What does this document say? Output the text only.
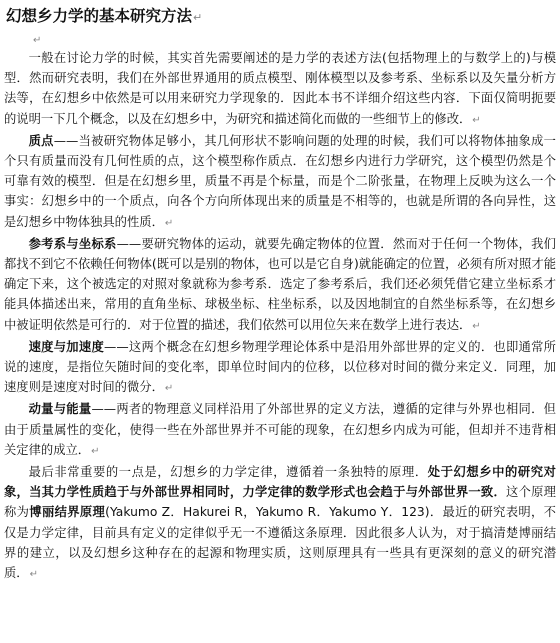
幻想乡力学的基本研究方法↵
↵

一般在讨论力学的时候，其实首先需要阐述的是力学的表述方法(包括物理上的与数学上的)与模型．然而研究表明，我们在外部世界通用的质点模型、刚体模型以及参考系、坐标系以及矢量分析方法等，在幻想乡中依然是可以用来研究力学现象的．因此本书不详细介绍这些内容．下面仅简明扼要的说明一下几个概念，以及在幻想乡中，为研究和描述简化而做的一些细节上的修改．↵

质点——当被研究物体足够小，其几何形状不影响问题的处理的时候，我们可以将物体抽象成一个只有质量而没有几何性质的点，这个模型称作质点．在幻想乡内进行力学研究，这个模型仍然是个可靠有效的模型．但是在幻想乡里，质量不再是个标量，而是个二阶张量，在物理上反映为这么一个事实：幻想乡中的一个质点，向各个方向所体现出来的质量是不相等的，也就是所谓的各向异性，这是幻想乡中物体独具的性质．↵

参考系与坐标系——要研究物体的运动，就要先确定物体的位置．然而对于任何一个物体，我们都找不到它不依赖任何物体(既可以是别的物体，也可以是它自身)就能确定的位置，必须有所对照才能确定下来，这个被选定的对照对象就称为参考系．选定了参考系后，我们还必须凭借它建立坐标系才能具体描述出来，常用的直角坐标、球极坐标、柱坐标系，以及因地制宜的自然坐标系等，在幻想乡中被证明依然是可行的．对于位置的描述，我们依然可以用位矢来在数学上进行表达．↵

速度与加速度——这两个概念在幻想乡物理学理论体系中是沿用外部世界的定义的．也即通常所说的速度，是指位矢随时间的变化率，即单位时间内的位移，以位移对时间的微分来定义．同理，加速度则是速度对时间的微分．↵

动量与能量——两者的物理意义同样沿用了外部世界的定义方法，遵循的定律与外界也相同．但由于质量属性的变化，使得一些在外部世界并不可能的现象，在幻想乡内成为可能，但却并不违背相关定律的成立．↵

最后非常重要的一点是，幻想乡的力学定律，遵循着一条独特的原理．处于幻想乡中的研究对象，当其力学性质趋于与外部世界相同时，力学定律的数学形式也会趋于与外部世界一致．这个原理称为博丽结界原理(Yakumo Z．Hakurei R，Yakumo R．Yakumo Y．123)．最近的研究表明，不仅是力学定律，目前具有定义的定律似乎无一不遵循这条原理．因此很多人认为，对于搞清楚博丽结界的建立，以及幻想乡这种存在的起源和物理实质，这则原理具有一些具有更深刻的意义的研究潜质．↵
